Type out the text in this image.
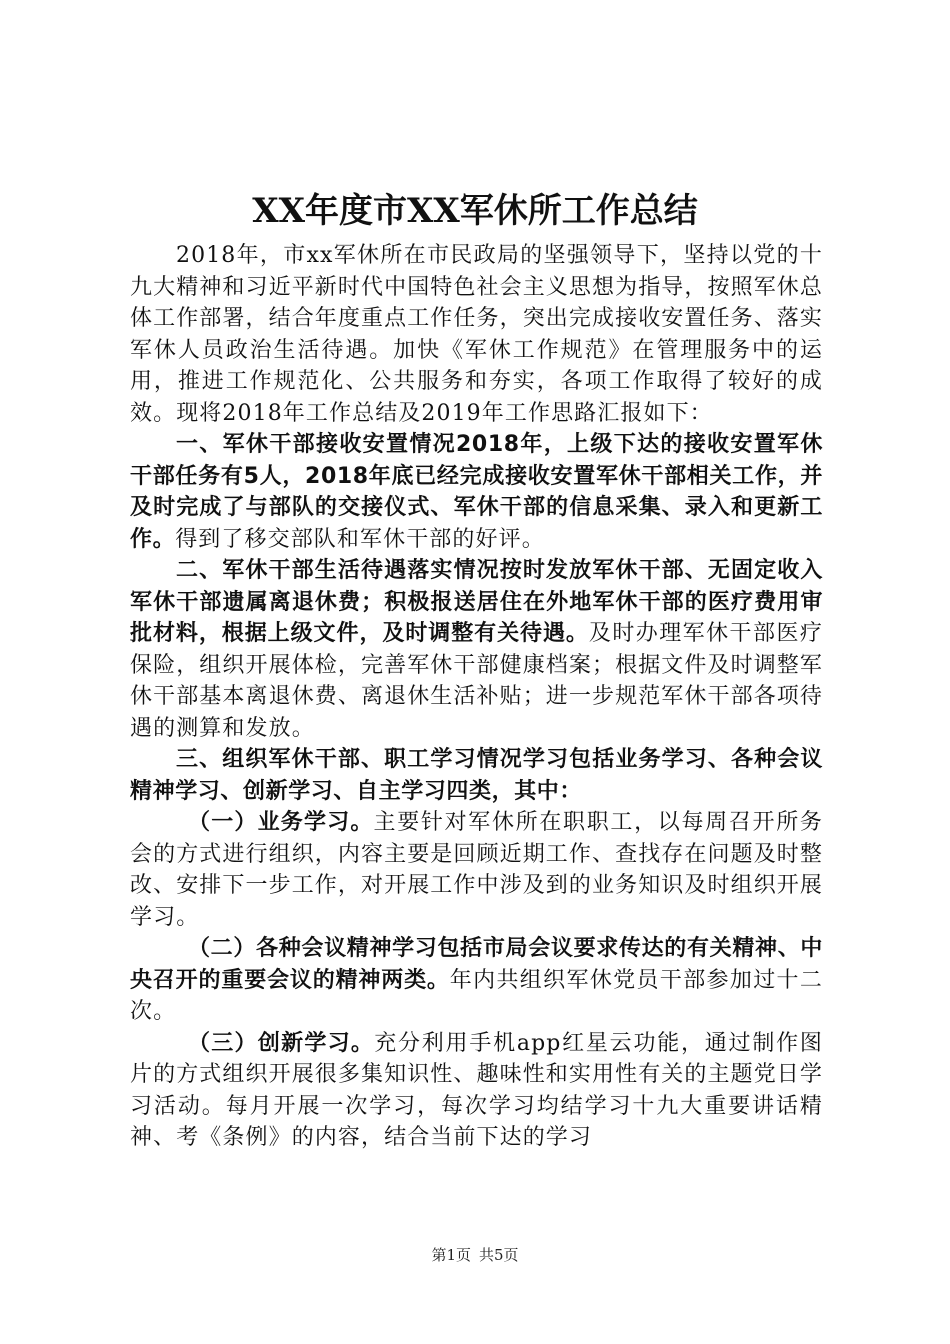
XX年度市XX军休所工作总结

2018年，市xx军休所在市民政局的坚强领导下，坚持以党的十九大精神和习近平新时代中国特色社会主义思想为指导，按照军休总体工作部署，结合年度重点工作任务，突出完成接收安置任务、落实军休人员政治生活待遇。加快《军休工作规范》在管理服务中的运用，推进工作规范化、公共服务和夯实，各项工作取得了较好的成效。现将2018年工作总结及2019年工作思路汇报如下：

一、军休干部接收安置情况2018年，上级下达的接收安置军休干部任务有5人，2018年底已经完成接收安置军休干部相关工作，并及时完成了与部队的交接仪式、军休干部的信息采集、录入和更新工作。得到了移交部队和军休干部的好评。

二、军休干部生活待遇落实情况按时发放军休干部、无固定收入军休干部遗属离退休费；积极报送居住在外地军休干部的医疗费用审批材料，根据上级文件，及时调整有关待遇。及时办理军休干部医疗保险，组织开展体检，完善军休干部健康档案；根据文件及时调整军休干部基本离退休费、离退休生活补贴；进一步规范军休干部各项待遇的测算和发放。

三、组织军休干部、职工学习情况学习包括业务学习、各种会议精神学习、创新学习、自主学习四类，其中：

（一）业务学习。主要针对军休所在职职工，以每周召开所务会的方式进行组织，内容主要是回顾近期工作、查找存在问题及时整改、安排下一步工作，对开展工作中涉及到的业务知识及时组织开展学习。

（二）各种会议精神学习包括市局会议要求传达的有关精神、中央召开的重要会议的精神两类。年内共组织军休党员干部参加过十二次。

（三）创新学习。充分利用手机app红星云功能，通过制作图片的方式组织开展很多集知识性、趣味性和实用性有关的主题党日学习活动。每月开展一次学习，每次学习均结学习十九大重要讲话精神、考《条例》的内容，结合当前下达的学习

第1页 共5页
